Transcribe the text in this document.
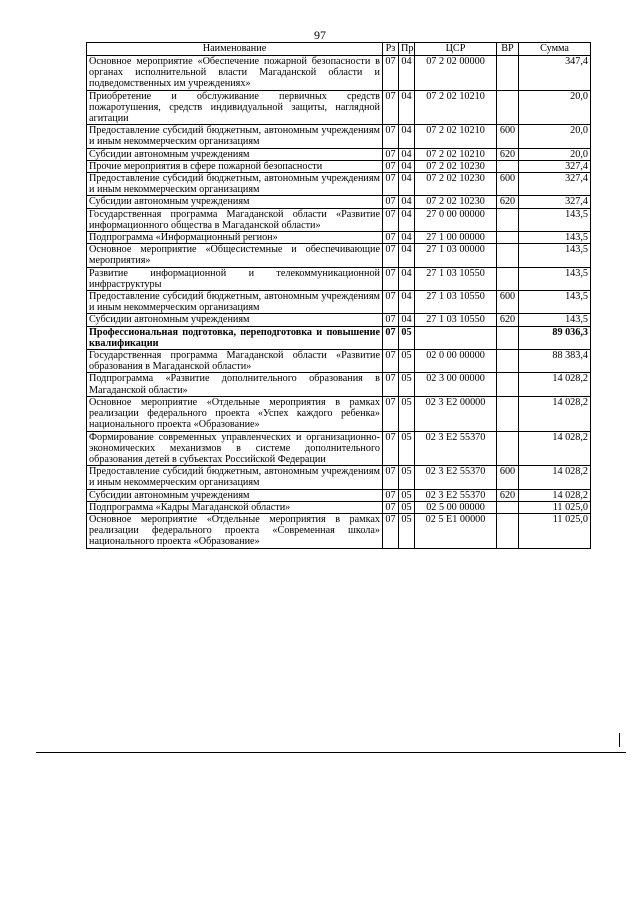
97
Наименование	Рз	Пр	ЦСР	ВР	Сумма
Основное мероприятие «Обеспечение пожарной безопасности в органах исполнительной власти Магаданской области и подведомственных им учреждениях»	07	04	07 2 02 00000		347,4
Приобретение и обслуживание первичных средств пожаротушения, средств индивидуальной защиты, наглядной агитации	07	04	07 2 02 10210		20,0
Предоставление субсидий бюджетным, автономным учреждениям и иным некоммерческим организациям	07	04	07 2 02 10210	600	20,0
Субсидии автономным учреждениям	07	04	07 2 02 10210	620	20,0
Прочие мероприятия в сфере пожарной безопасности	07	04	07 2 02 10230		327,4
Предоставление субсидий бюджетным, автономным учреждениям и иным некоммерческим организациям	07	04	07 2 02 10230	600	327,4
Субсидии автономным учреждениям	07	04	07 2 02 10230	620	327,4
Государственная программа Магаданской области «Развитие информационного общества в Магаданской области»	07	04	27 0 00 00000		143,5
Подпрограмма «Информационный регион»	07	04	27 1 00 00000		143,5
Основное мероприятие «Общесистемные и обеспечивающие мероприятия»	07	04	27 1 03 00000		143,5
Развитие информационной и телекоммуникационной инфраструктуры	07	04	27 1 03 10550		143,5
Предоставление субсидий бюджетным, автономным учреждениям и иным некоммерческим организациям	07	04	27 1 03 10550	600	143,5
Субсидии автономным учреждениям	07	04	27 1 03 10550	620	143,5
Профессиональная подготовка, переподготовка и повышение квалификации	07	05			89 036,3
Государственная программа Магаданской области «Развитие образования в Магаданской области»	07	05	02 0 00 00000		88 383,4
Подпрограмма «Развитие дополнительного образования в Магаданской области»	07	05	02 3 00 00000		14 028,2
Основное мероприятие «Отдельные мероприятия в рамках реализации федерального проекта «Успех каждого ребенка» национального проекта «Образование»	07	05	02 3 E2 00000		14 028,2
Формирование современных управленческих и организационно-экономических механизмов в системе дополнительного образования детей в субъектах Российской Федерации	07	05	02 3 E2 55370		14 028,2
Предоставление субсидий бюджетным, автономным учреждениям и иным некоммерческим организациям	07	05	02 3 E2 55370	600	14 028,2
Субсидии автономным учреждениям	07	05	02 3 E2 55370	620	14 028,2
Подпрограмма «Кадры Магаданской области»	07	05	02 5 00 00000		11 025,0
Основное мероприятие «Отдельные мероприятия в рамках реализации федерального проекта «Современная школа» национального проекта «Образование»	07	05	02 5 E1 00000		11 025,0
